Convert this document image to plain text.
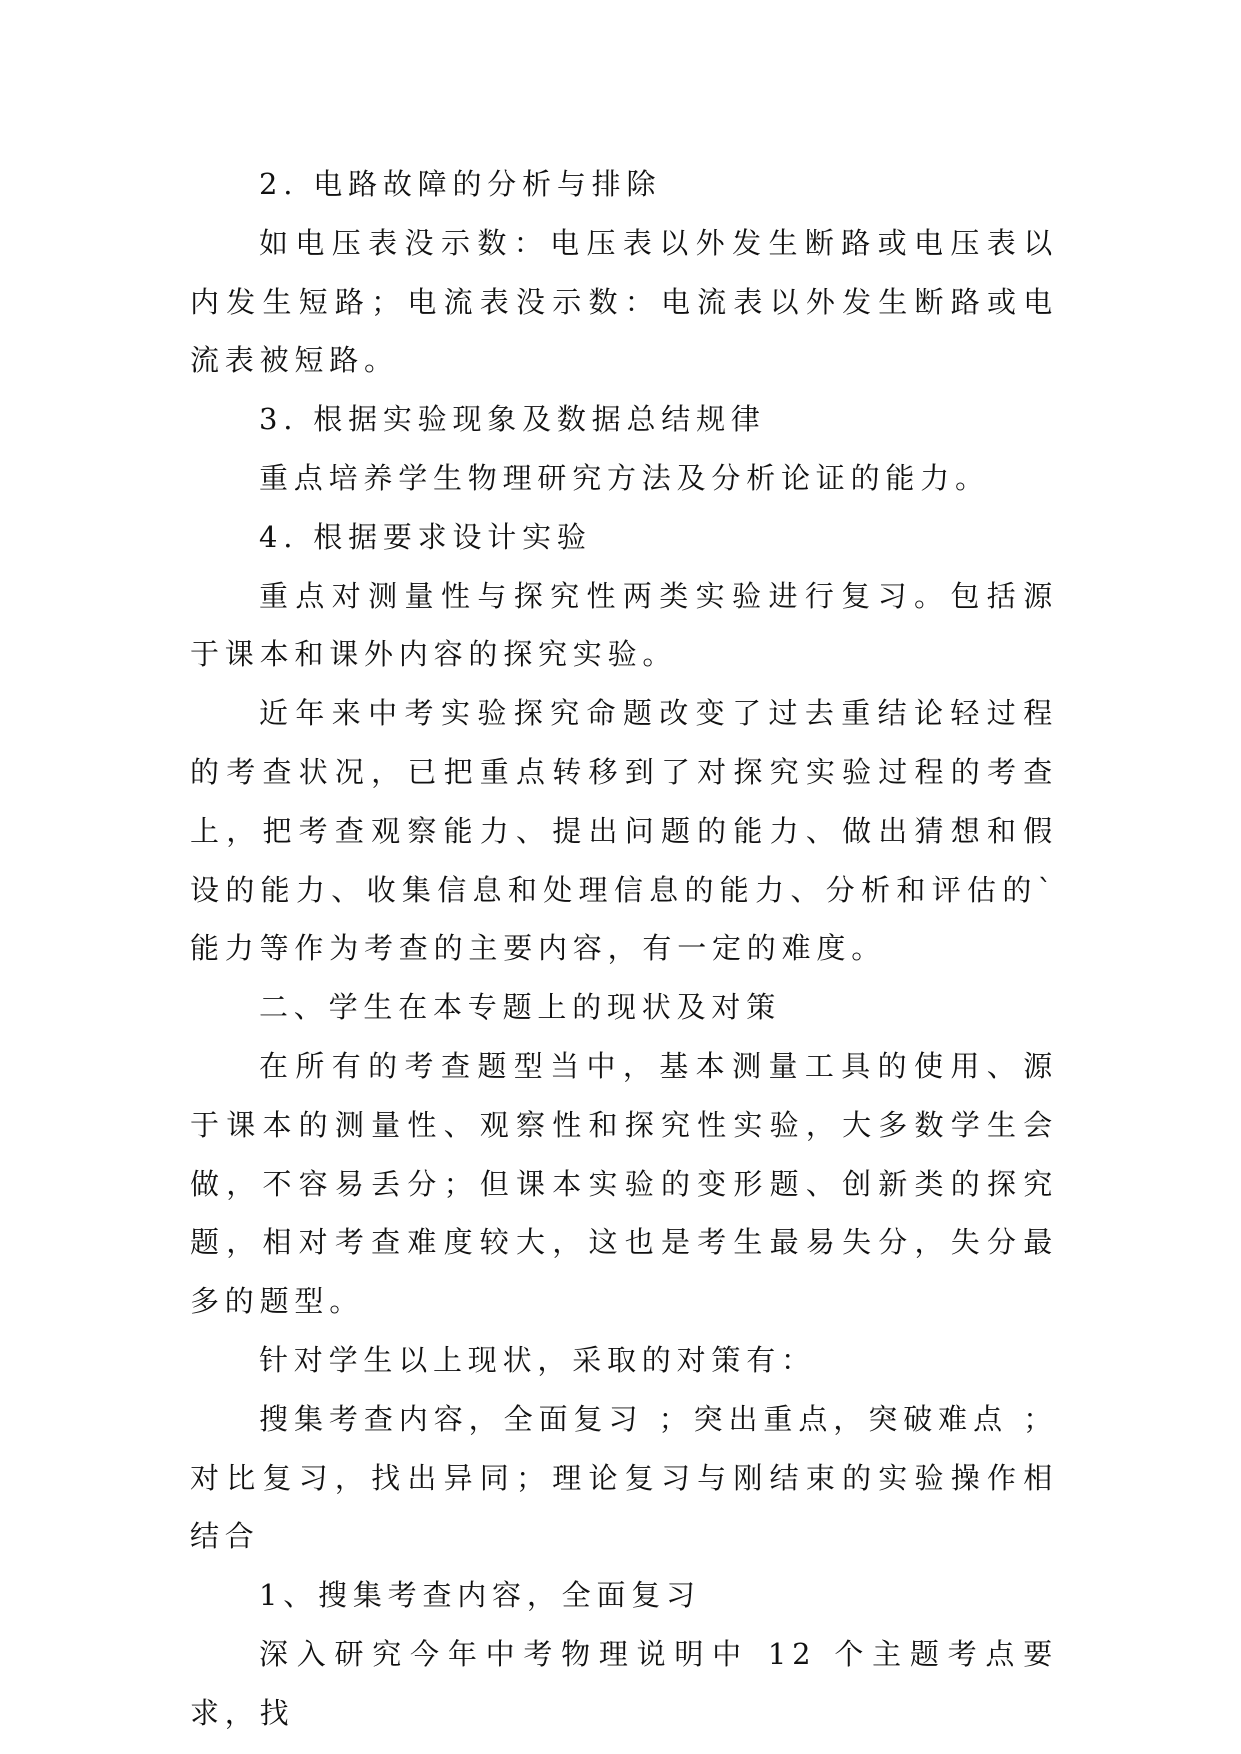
2. 电路故障的分析与排除

如电压表没示数：电压表以外发生断路或电压表以内发生短路；电流表没示数：电流表以外发生断路或电流表被短路。

3. 根据实验现象及数据总结规律

重点培养学生物理研究方法及分析论证的能力。

4. 根据要求设计实验

重点对测量性与探究性两类实验进行复习。包括源于课本和课外内容的探究实验。

近年来中考实验探究命题改变了过去重结论轻过程的考查状况，已把重点转移到了对探究实验过程的考查上，把考查观察能力、提出问题的能力、做出猜想和假设的能力、收集信息和处理信息的能力、分析和评估的`能力等作为考查的主要内容，有一定的难度。

二、学生在本专题上的现状及对策

在所有的考查题型当中，基本测量工具的使用、源于课本的测量性、观察性和探究性实验，大多数学生会做，不容易丢分；但课本实验的变形题、创新类的探究题，相对考查难度较大，这也是考生最易失分，失分最多的题型。

针对学生以上现状，采取的对策有：

搜集考查内容，全面复习 ；突出重点，突破难点 ；对比复习，找出异同；理论复习与刚结束的实验操作相结合

1、搜集考查内容，全面复习

深入研究今年中考物理说明中 12 个主题考点要求，找
